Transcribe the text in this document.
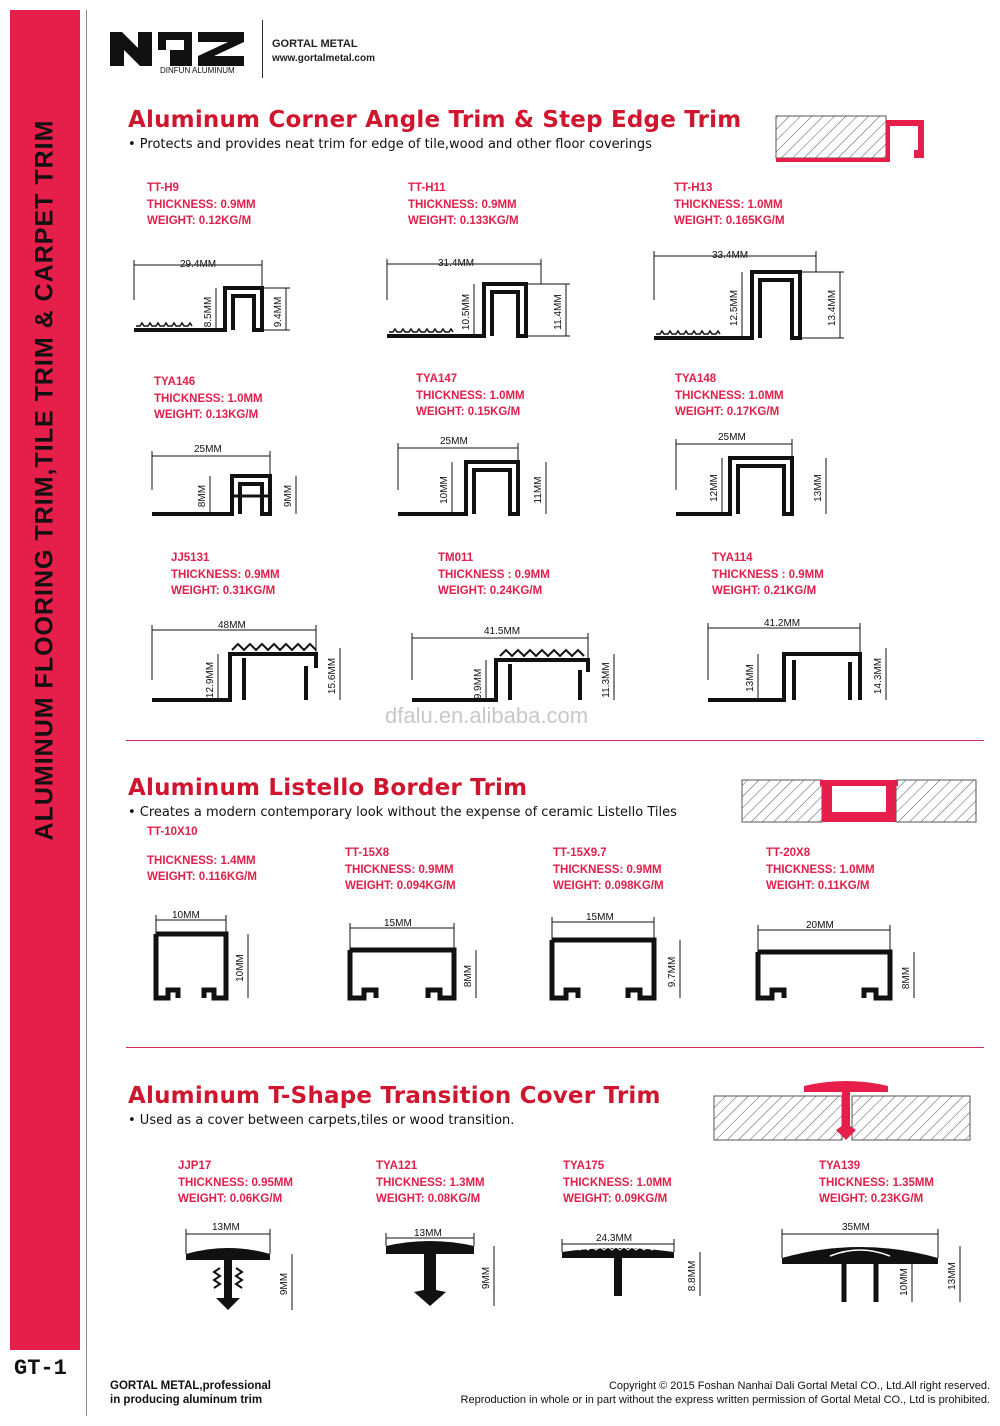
ALUMINUM FLOORING TRIM,TILE TRIM & CARPET TRIM
GT-1
DINFUN ALUMINUM
GORTAL METAL
www.gortalmetal.com
Aluminum Corner Angle Trim & Step Edge Trim
• Protects and provides neat trim for edge of tile,wood and other floor coverings
Aluminum Listello Border Trim
• Creates a modern contemporary look without the expense of ceramic Listello Tiles
Aluminum T-Shape Transition Cover Trim
• Used as a cover between carpets,tiles or wood transition.
TT-H9
THICKNESS: 0.9MM
WEIGHT: 0.12KG/M
TT-H11
THICKNESS: 0.9MM
WEIGHT: 0.133KG/M
TT-H13
THICKNESS: 1.0MM
WEIGHT: 0.165KG/M
TYA146
THICKNESS: 1.0MM
WEIGHT: 0.13KG/M
TYA147
THICKNESS: 1.0MM
WEIGHT: 0.15KG/M
TYA148
THICKNESS: 1.0MM
WEIGHT: 0.17KG/M
JJ5131
THICKNESS: 0.9MM
WEIGHT: 0.31KG/M
TM011
THICKNESS : 0.9MM
WEIGHT: 0.24KG/M
TYA114
THICKNESS : 0.9MM
WEIGHT: 0.21KG/M
TT-10X10
THICKNESS: 1.4MM
WEIGHT: 0.116KG/M
TT-15X8
THICKNESS: 0.9MM
WEIGHT: 0.094KG/M
TT-15X9.7
THICKNESS: 0.9MM
WEIGHT: 0.098KG/M
TT-20X8
THICKNESS: 1.0MM
WEIGHT: 0.11KG/M
JJP17
THICKNESS: 0.95MM
WEIGHT: 0.06KG/M
TYA121
THICKNESS: 1.3MM
WEIGHT: 0.08KG/M
TYA175
THICKNESS: 1.0MM
WEIGHT: 0.09KG/M
TYA139
THICKNESS: 1.35MM
WEIGHT: 0.23KG/M
29.4MM
8.5MM	9.4MM
31.4MM
10.5MM	11.4MM
33.4MM
12.5MM	13.4MM
25MM
8MM	9MM
25MM
10MM	11MM
25MM
12MM	13MM
48MM
12.9MM	15.6MM
41.5MM
9.9MM	11.3MM
41.2MM
13MM	14.3MM
10MM
10MM
15MM
8MM
15MM
9.7MM
20MM
8MM
13MM
9MM
13MM
9MM
24.3MM
8.8MM
35MM
10MM	13MM
dfalu.en.alibaba.com
GORTAL METAL,professional
in producing aluminum trim
Copyright © 2015 Foshan Nanhai Dali Gortal Metal CO., Ltd.All right reserved.
Reproduction in whole or in part without the express written permission of Gortal Metal CO., Ltd is prohibited.
